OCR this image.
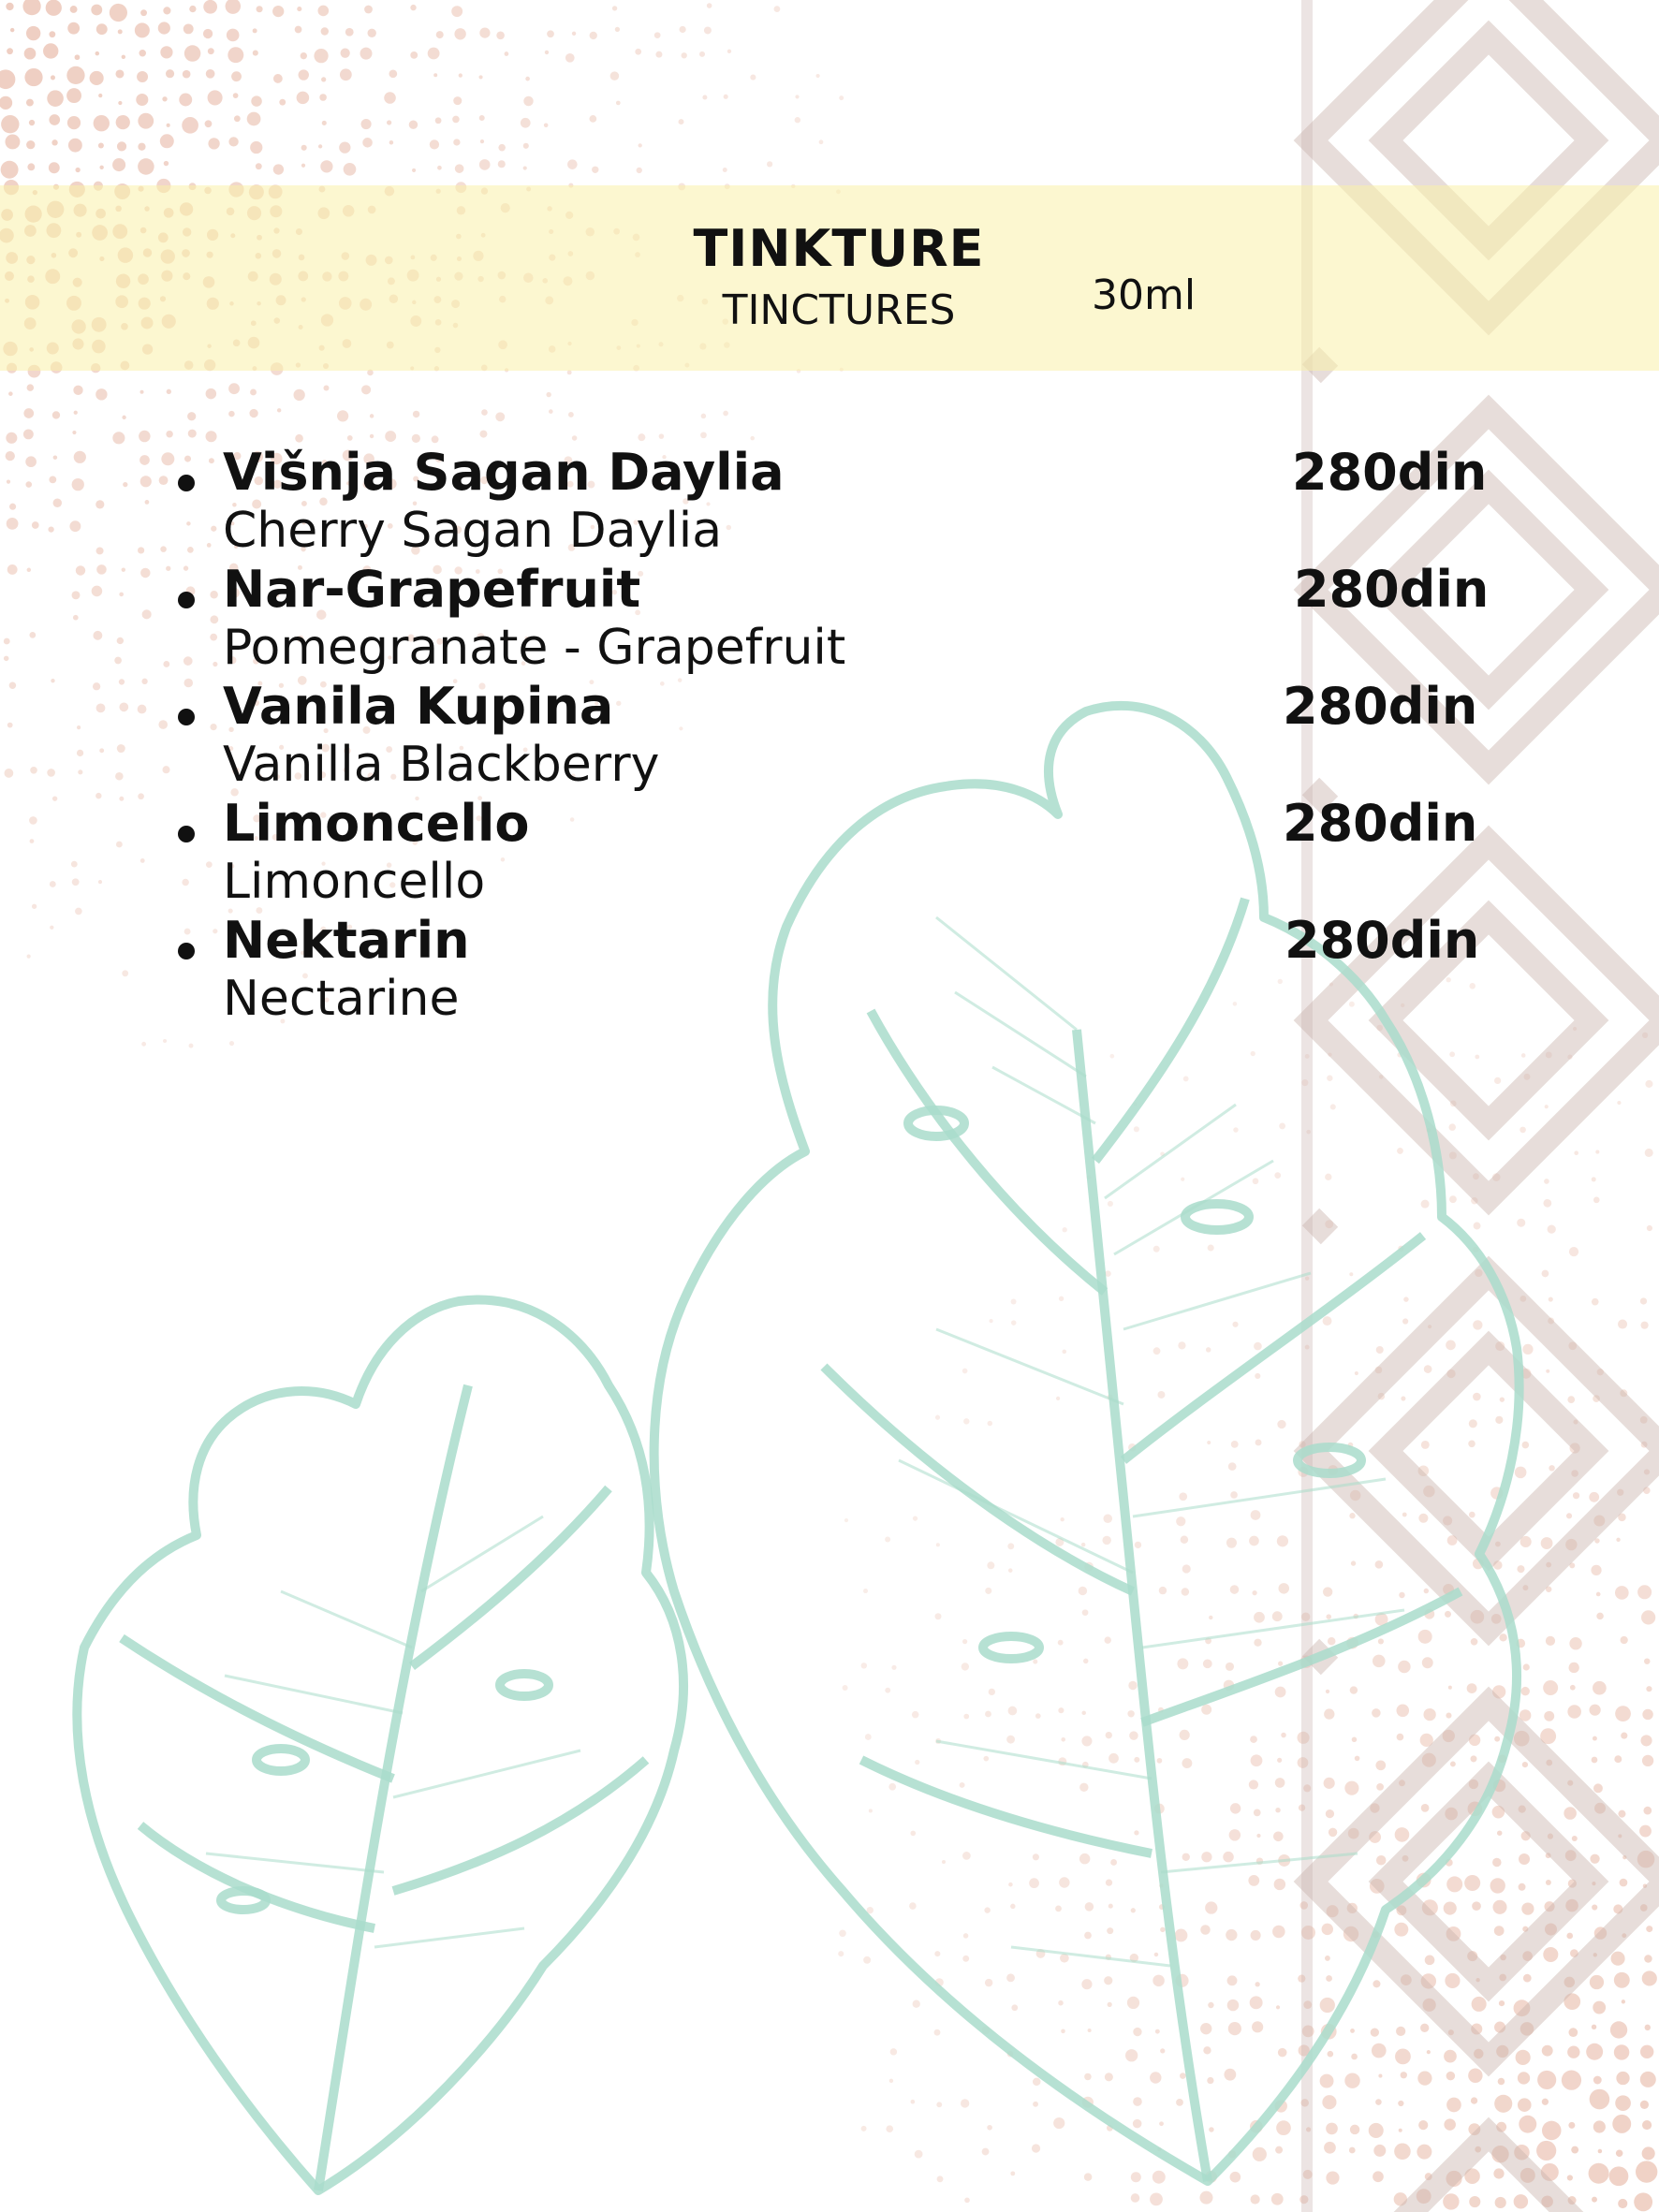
TINKTURE
TINCTURES	30ml
Višnja Sagan Daylia
Cherry Sagan Daylia
280din
Nar-Grapefruit
Pomegranate - Grapefruit
280din
Vanila Kupina
Vanilla Blackberry
280din
Limoncello
Limoncello
280din
Nektarin
Nectarine
280din
